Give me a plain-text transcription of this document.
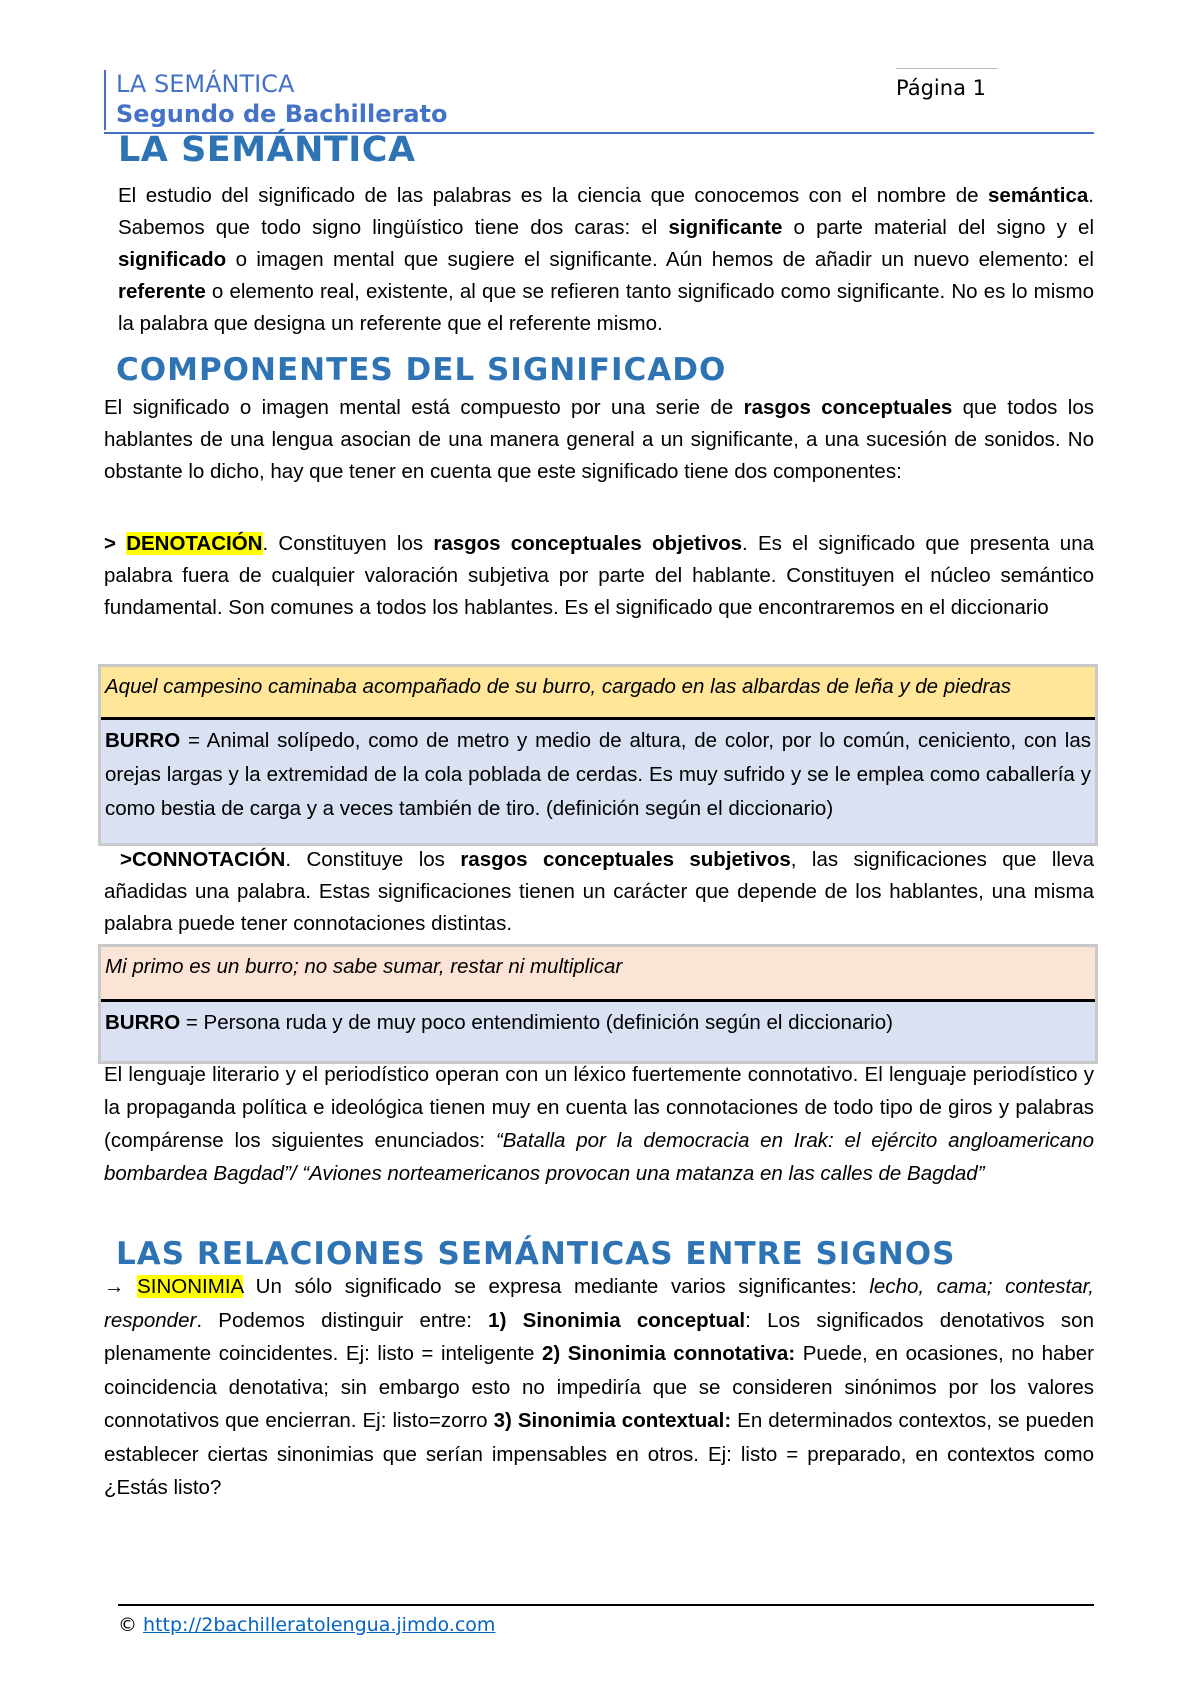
LA SEMÁNTICA
Segundo de Bachillerato
Página 1
LA SEMÁNTICA
El estudio del significado de las palabras es la ciencia que conocemos con el nombre de semántica. Sabemos que todo signo lingüístico tiene dos caras: el significante o parte material del signo y el significado o imagen mental que sugiere el significante. Aún hemos de añadir un nuevo elemento: el referente o elemento real, existente, al que se refieren tanto significado como significante. No es lo mismo la palabra que designa un referente que el referente mismo.
COMPONENTES DEL SIGNIFICADO
El significado o imagen mental está compuesto por una serie de rasgos conceptuales que todos los hablantes de una lengua asocian de una manera general a un significante, a una sucesión de sonidos. No obstante lo dicho, hay que tener en cuenta que este significado tiene dos componentes:
> DENOTACIÓN. Constituyen los rasgos conceptuales objetivos. Es el significado que presenta una palabra fuera de cualquier valoración subjetiva por parte del hablante. Constituyen el núcleo semántico fundamental. Son comunes a todos los hablantes. Es el significado que encontraremos en el diccionario
Aquel campesino caminaba acompañado de su burro, cargado en las albardas de leña y de piedras
BURRO = Animal solípedo, como de metro y medio de altura, de color, por lo común, ceniciento, con las orejas largas y la extremidad de la cola poblada de cerdas. Es muy sufrido y se le emplea como caballería y como bestia de carga y a veces también de tiro. (definición según el diccionario)
>CONNOTACIÓN. Constituye los rasgos conceptuales subjetivos, las significaciones que lleva añadidas una palabra. Estas significaciones tienen un carácter que depende de los hablantes, una misma palabra puede tener connotaciones distintas.
Mi primo es un burro; no sabe sumar, restar ni multiplicar
BURRO = Persona ruda y de muy poco entendimiento (definición según el diccionario)
El lenguaje literario y el periodístico operan con un léxico fuertemente connotativo. El lenguaje periodístico y la propaganda política e ideológica tienen muy en cuenta las connotaciones de todo tipo de giros y palabras (compárense los siguientes enunciados: “Batalla por la democracia en Irak: el ejército angloamericano bombardea Bagdad”/ “Aviones norteamericanos provocan una matanza en las calles de Bagdad”
LAS RELACIONES SEMÁNTICAS ENTRE SIGNOS
→ SINONIMIA Un sólo significado se expresa mediante varios significantes: lecho, cama; contestar, responder. Podemos distinguir entre: 1) Sinonimia conceptual: Los significados denotativos son plenamente coincidentes. Ej: listo = inteligente 2) Sinonimia connotativa: Puede, en ocasiones, no haber coincidencia denotativa; sin embargo esto no impediría que se consideren sinónimos por los valores connotativos que encierran. Ej: listo=zorro 3) Sinonimia contextual: En determinados contextos, se pueden establecer ciertas sinonimias que serían impensables en otros. Ej: listo = preparado, en contextos como ¿Estás listo?
© http://2bachilleratolengua.jimdo.com
